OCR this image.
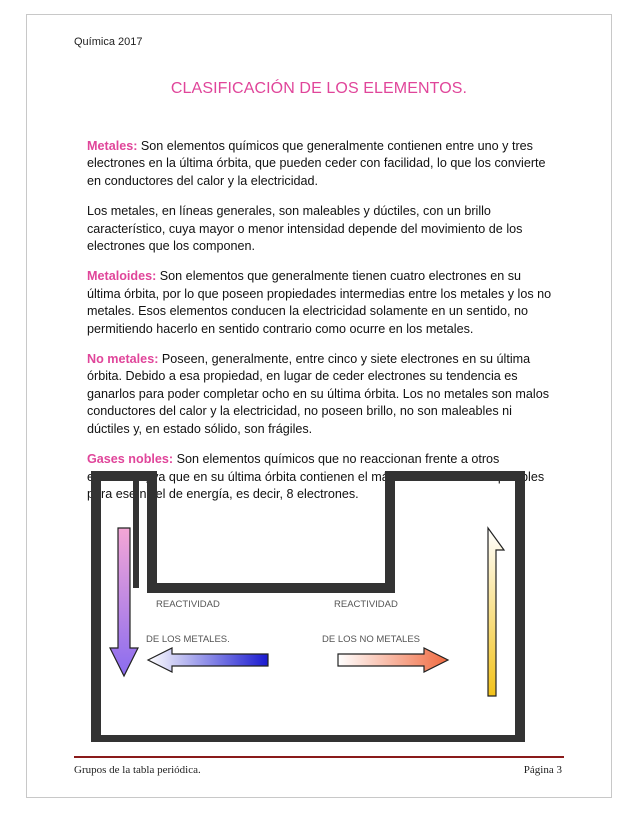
Química 2017
CLASIFICACIÓN DE LOS ELEMENTOS.

Metales: Son elementos químicos que generalmente contienen entre uno y tres electrones en la última órbita, que pueden ceder con facilidad, lo que los convierte en conductores del calor y la electricidad.

Los metales, en líneas generales, son maleables y dúctiles, con un brillo característico, cuya mayor o menor intensidad depende del movimiento de los electrones que los componen.

Metaloides: Son elementos que generalmente tienen cuatro electrones en su última órbita, por lo que poseen propiedades intermedias entre los metales y los no metales. Esos elementos conducen la electricidad solamente en un sentido, no permitiendo hacerlo en sentido contrario como ocurre en los metales.

No metales: Poseen, generalmente, entre cinco y siete electrones en su última órbita. Debido a esa propiedad, en lugar de ceder electrones su tendencia es ganarlos para poder completar ocho en su última órbita. Los no metales son malos conductores del calor y la electricidad, no poseen brillo, no son maleables ni dúctiles y, en estado sólido, son frágiles.

Gases nobles: Son elementos químicos que no reaccionan frente a otros elementos, ya que en su última órbita contienen el máximo de electrones posibles para ese nivel de energía, es decir, 8 electrones.

REACTIVIDAD
DE LOS METALES.
REACTIVIDAD
DE LOS NO METALES
Grupos de la tabla periódica.	Página 3
